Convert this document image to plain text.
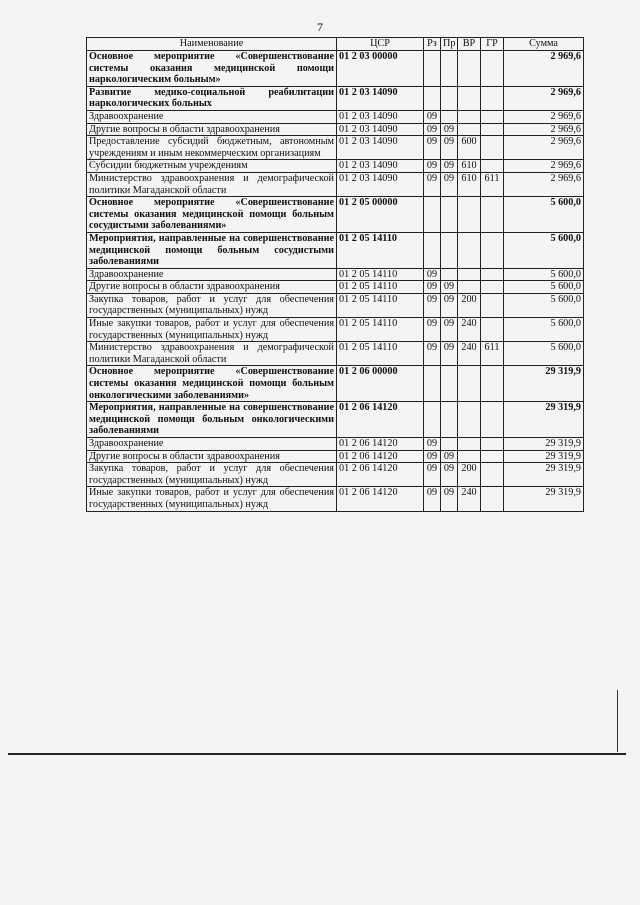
7
Наименование	ЦСР	Рз	Пр	ВР	ГР	Сумма
Основное мероприятие «Совершенствование системы оказания медицинской помощи наркологическим больным»	01 2 03 00000					2 969,6
Развитие медико-социальной реабилитации наркологических больных	01 2 03 14090					2 969,6
Здравоохранение	01 2 03 14090	09				2 969,6
Другие вопросы в области здравоохранения	01 2 03 14090	09	09			2 969,6
Предоставление субсидий бюджетным, автономным учреждениям и иным некоммерческим организациям	01 2 03 14090	09	09	600		2 969,6
Субсидии бюджетным учреждениям	01 2 03 14090	09	09	610		2 969,6
Министерство здравоохранения и демографической политики Магаданской области	01 2 03 14090	09	09	610	611	2 969,6
Основное мероприятие «Совершенствование системы оказания медицинской помощи больным сосудистыми заболеваниями»	01 2 05 00000					5 600,0
Мероприятия, направленные на совершенствование медицинской помощи больным сосудистыми заболеваниями	01 2 05 14110					5 600,0
Здравоохранение	01 2 05 14110	09				5 600,0
Другие вопросы в области здравоохранения	01 2 05 14110	09	09			5 600,0
Закупка товаров, работ и услуг для обеспечения государственных (муниципальных) нужд	01 2 05 14110	09	09	200		5 600,0
Иные закупки товаров, работ и услуг для обеспечения государственных (муниципальных) нужд	01 2 05 14110	09	09	240		5 600,0
Министерство здравоохранения и демографической политики Магаданской области	01 2 05 14110	09	09	240	611	5 600,0
Основное мероприятие «Совершенствование системы оказания медицинской помощи больным онкологическими заболеваниями»	01 2 06 00000					29 319,9
Мероприятия, направленные на совершенствование медицинской помощи больным онкологическими заболеваниями	01 2 06 14120					29 319,9
Здравоохранение	01 2 06 14120	09				29 319,9
Другие вопросы в области здравоохранения	01 2 06 14120	09	09			29 319,9
Закупка товаров, работ и услуг для обеспечения государственных (муниципальных) нужд	01 2 06 14120	09	09	200		29 319,9
Иные закупки товаров, работ и услуг для обеспечения государственных (муниципальных) нужд	01 2 06 14120	09	09	240		29 319,9
